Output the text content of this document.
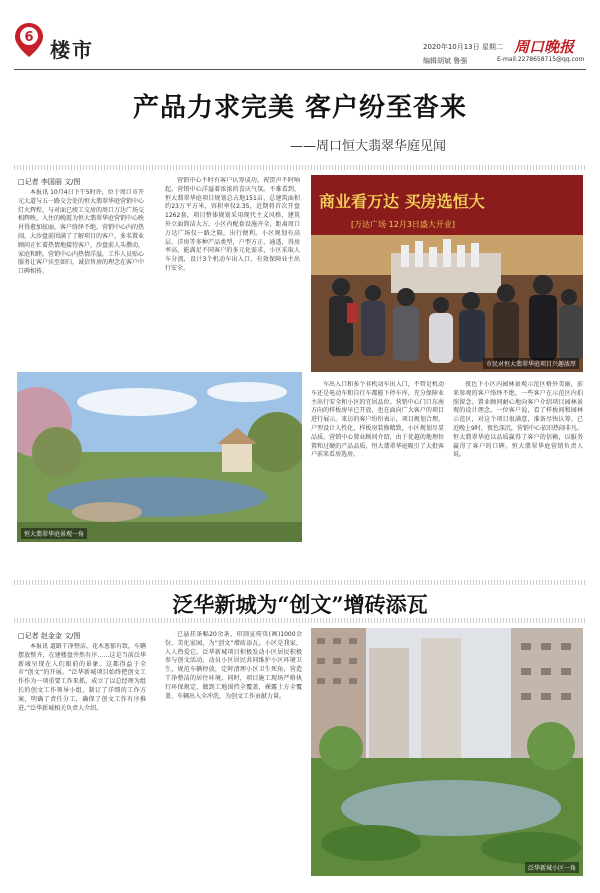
6
楼市	2020年10月13日 星期二
编辑胡斌 鲁强
周口晚报
E-mail:2278658715@qq.com
产品力求完美 客户纷至沓来
——周口恒大翡翠华庭见闻
□记者 李国丽 文/图
本报讯 10月4日下午5时许，位于周口市开元大道与五一路交会处的恒大翡翠华庭营销中心灯火辉煌，与对面已竣工交房的周口万达广场交相辉映。入住的晚霞为恒大翡翠华庭营销中心映衬得愈加炫丽，客户络绎不绝，营销中心内的热闹，大沙盘前围满了了解项目的客户，多名置业顾问正忙着热情地接待客户，沙盘前人头攒动，家庭和睦。营销中心内热情洋溢，工作人员贴心服务让客户宾至如归，诚信售房的理念在客户中口碑相传。
营销中心不时有客户认筹成功，祝贺声不时响起，营销中心洋溢着浓浓的喜庆气氛。不难看到，恒大翡翠华庭项目规划总占地151亩，总建筑面积约23万平方米，容积率仅2.35，近期将首次开盘1262套，项目整体规划采用现代主义风格，建筑外立面简洁大方，小区内配套设施齐全，距离周口万达广场仅一路之隔，出行便利。小区规划有高层、洋房等多种产品类型，户型方正、通透，得房率高，能满足不同客户的多元化需求，小区采取人车分流，设计3个机动车出入口，有效保障业主出行安全。
商业看万达 买房选恒大
[万达广场 12月3日盛大开业]
市民对恒大翡翠华庭项目兴趣浓厚
恒大翡翠华庭景观一角
车出入口和多个非机动车出入口，不管是机动车还是电动车和自行车都能下停车库，充分保障业主出行安全和小区的宜居品位。营销中心门口东南方向的样板房早已开放，也在面向广大客户的项目进行展示。来访的客户纷纷表示，项目规划合理，户型设计人性化，样板房装修精致，小区规划尽显品质。营销中心置业顾问介绍，由于优越的地理位置和过硬的产品品质，恒大翡翠华庭吸引了大批客户前来看房选房。
夜色下小区内园林景观示范区格外美丽，前来参观的客户络绎不绝，一些客户在示范区内拍照留念。置业顾问耐心地向客户介绍项目园林景观的设计理念，一位客户说，看了样板间和园林示范区，对这个项目很满意，准备尽快认筹。已近晚上9时，夜色深沉，营销中心依旧热闹非凡。恒大翡翠华庭以品质赢得了客户的信赖，以服务赢得了客户的口碑。恒大翡翠华庭营销负责人说。
泛华新城为“创文”增砖添瓦
□记者 赵金金 文/图
本报讯 道路干净整洁，花木葱郁有致，车辆摆放整齐，在建楼盘井然有序……这是当前泛华新城呈现在人们眼前的景象。这都得益于全市“创文”的开展。“泛华新城项目始终把创文工作作为一项重要工作来抓，成立了以总经理为组长的创文工作领导小组，制订了详细的工作方案，明确了责任分工，确保了创文工作有序推进。”泛华新城相关负责人介绍。
已悬挂条幅20余条，印制宣传页(画)1000余份。美化家园，为“创文”增砖添瓦。小区是我家，人人热爱它。泛华新城项目积极发动小区居民积极参与创文活动，动员小区居民共同维护小区环境卫生，规范车辆停放，定时清理小区卫生死角，营造干净整洁的居住环境。同时，项目施工现场严格执行环保规定，做到工地围挡全覆盖、裸露土方全覆盖、车辆出入全冲洗，为创文工作贡献力量。
泛华新城小区一角
